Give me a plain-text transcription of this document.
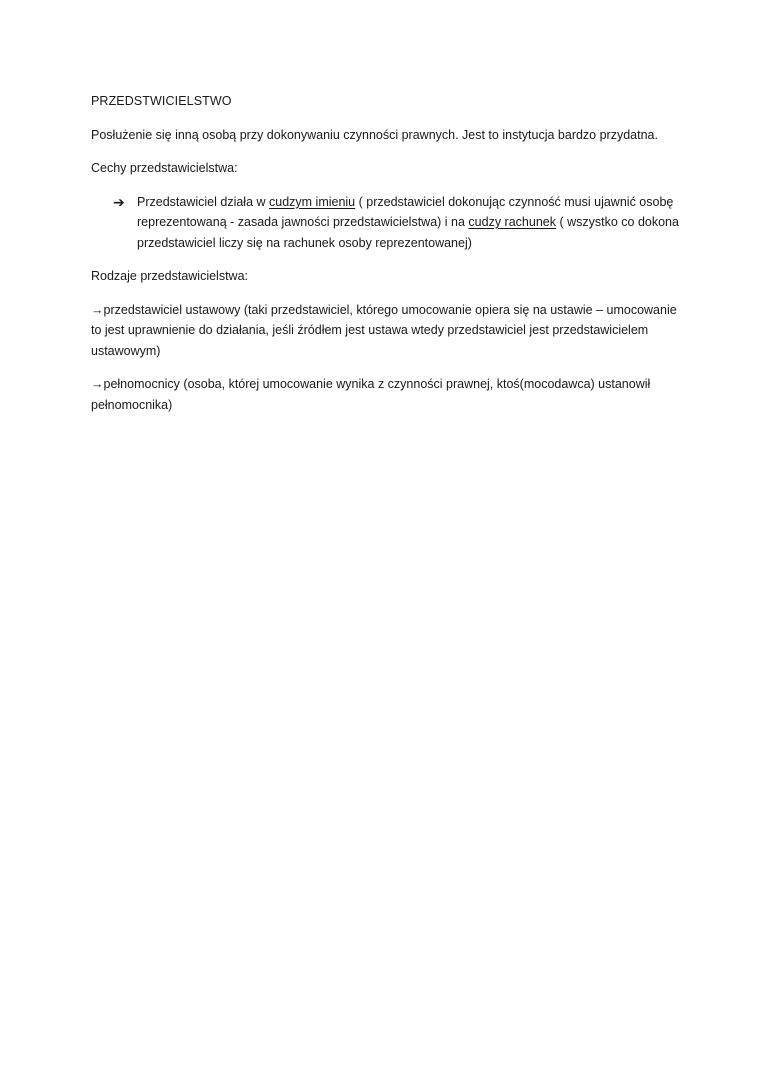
PRZEDSTWICIELSTWO

Posłużenie się inną osobą przy dokonywaniu czynności prawnych. Jest to instytucja bardzo przydatna.

Cechy przedstawicielstwa:

➔ Przedstawiciel działa w cudzym imieniu ( przedstawiciel dokonując czynność musi ujawnić osobę reprezentowaną - zasada jawności przedstawicielstwa) i na cudzy rachunek ( wszystko co dokona przedstawiciel liczy się na rachunek osoby reprezentowanej)

Rodzaje przedstawicielstwa:

→przedstawiciel ustawowy (taki przedstawiciel, którego umocowanie opiera się na ustawie – umocowanie to jest uprawnienie do działania, jeśli źródłem jest ustawa wtedy przedstawiciel jest przedstawicielem ustawowym)

→pełnomocnicy (osoba, której umocowanie wynika z czynności prawnej, ktoś(mocodawca) ustanowił pełnomocnika)
